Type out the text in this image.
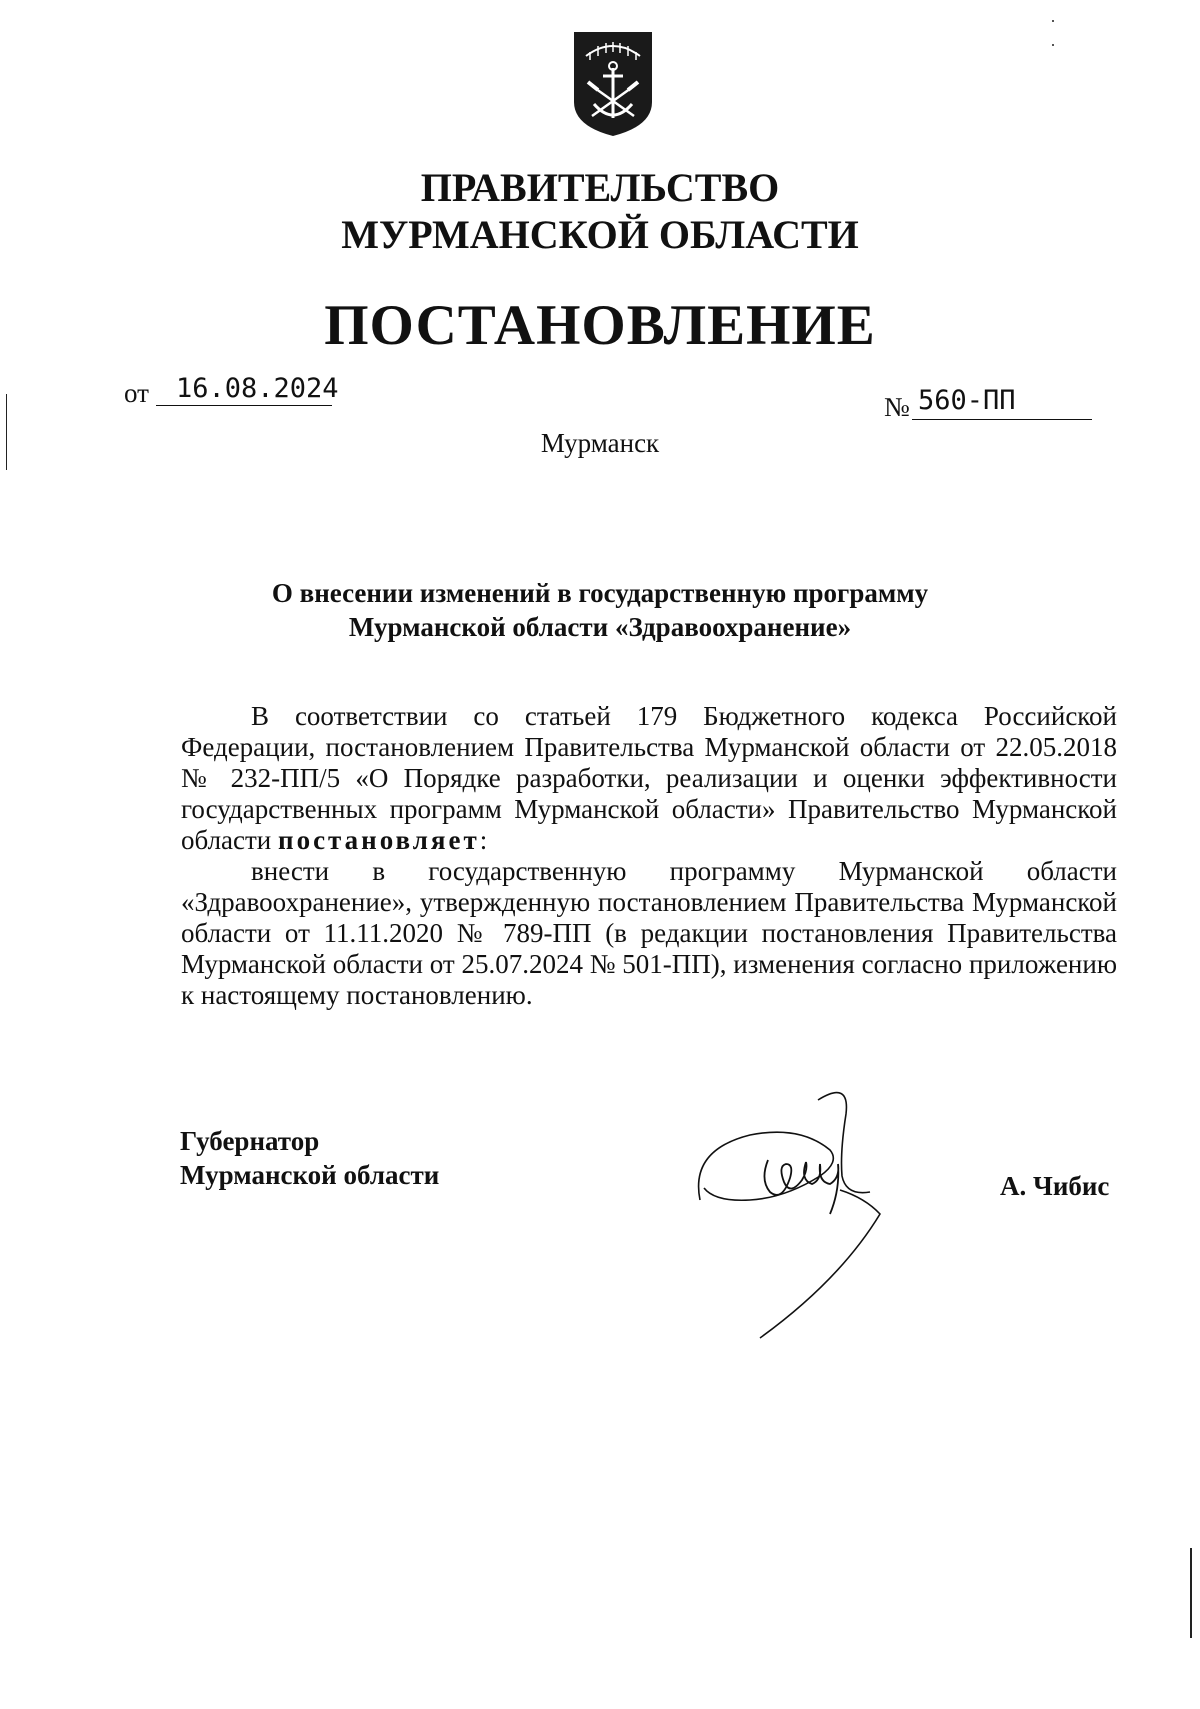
ПРАВИТЕЛЬСТВО
МУРМАНСКОЙ ОБЛАСТИ
ПОСТАНОВЛЕНИЕ
от 16.08.2024
№ 560-ПП
Мурманск
О внесении изменений в государственную программу
Мурманской области «Здравоохранение»

В соответствии со статьей 179 Бюджетного кодекса Российской Федерации, постановлением Правительства Мурманской области от 22.05.2018 № 232-ПП/5 «О Порядке разработки, реализации и оценки эффективности государственных программ Мурманской области» Правительство Мурманской области постановляет:

внести в государственную программу Мурманской области «Здравоохранение», утвержденную постановлением Правительства Мурманской области от 11.11.2020 № 789-ПП (в редакции постановления Правительства Мурманской области от 25.07.2024 № 501-ПП), изменения согласно приложению к настоящему постановлению.

Губернатор
Мурманской области	А. Чибис
